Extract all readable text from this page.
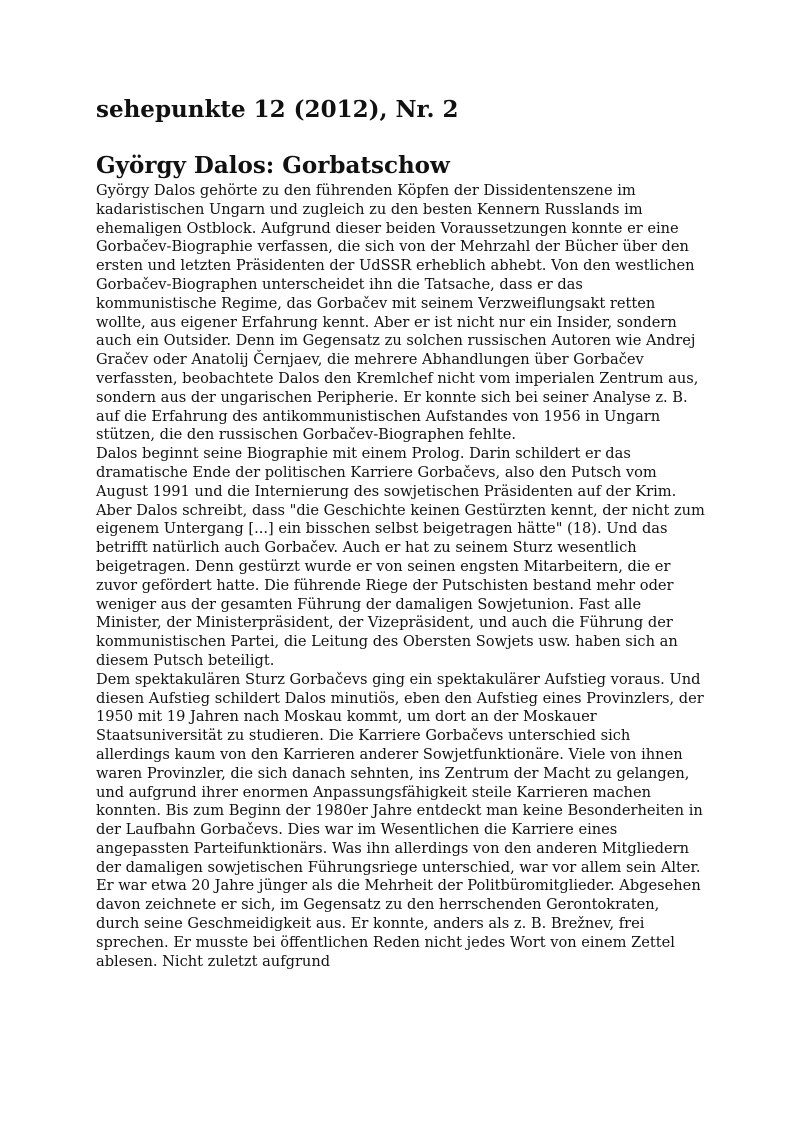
sehepunkte 12 (2012), Nr. 2
György Dalos: Gorbatschow

György Dalos gehörte zu den führenden Köpfen der Dissidentenszene im kadaristischen Ungarn und zugleich zu den besten Kennern Russlands im ehemaligen Ostblock. Aufgrund dieser beiden Voraussetzungen konnte er eine Gorbačev-Biographie verfassen, die sich von der Mehrzahl der Bücher über den ersten und letzten Präsidenten der UdSSR erheblich abhebt. Von den westlichen Gorbačev-Biographen unterscheidet ihn die Tatsache, dass er das kommunistische Regime, das Gorbačev mit seinem Verzweiflungsakt retten wollte, aus eigener Erfahrung kennt. Aber er ist nicht nur ein Insider, sondern auch ein Outsider. Denn im Gegensatz zu solchen russischen Autoren wie Andrej Gračev oder Anatolij Černjaev, die mehrere Abhandlungen über Gorbačev verfassten, beobachtete Dalos den Kremlchef nicht vom imperialen Zentrum aus, sondern aus der ungarischen Peripherie. Er konnte sich bei seiner Analyse z. B. auf die Erfahrung des antikommunistischen Aufstandes von 1956 in Ungarn stützen, die den russischen Gorbačev-Biographen fehlte.

Dalos beginnt seine Biographie mit einem Prolog. Darin schildert er das dramatische Ende der politischen Karriere Gorbačevs, also den Putsch vom August 1991 und die Internierung des sowjetischen Präsidenten auf der Krim. Aber Dalos schreibt, dass "die Geschichte keinen Gestürzten kennt, der nicht zum eigenem Untergang [...] ein bisschen selbst beigetragen hätte" (18). Und das betrifft natürlich auch Gorbačev. Auch er hat zu seinem Sturz wesentlich beigetragen. Denn gestürzt wurde er von seinen engsten Mitarbeitern, die er zuvor gefördert hatte. Die führende Riege der Putschisten bestand mehr oder weniger aus der gesamten Führung der damaligen Sowjetunion. Fast alle Minister, der Ministerpräsident, der Vizepräsident, und auch die Führung der kommunistischen Partei, die Leitung des Obersten Sowjets usw. haben sich an diesem Putsch beteiligt.

Dem spektakulären Sturz Gorbačevs ging ein spektakulärer Aufstieg voraus. Und diesen Aufstieg schildert Dalos minutiös, eben den Aufstieg eines Provinzlers, der 1950 mit 19 Jahren nach Moskau kommt, um dort an der Moskauer Staatsuniversität zu studieren. Die Karriere Gorbačevs unterschied sich allerdings kaum von den Karrieren anderer Sowjetfunktionäre. Viele von ihnen waren Provinzler, die sich danach sehnten, ins Zentrum der Macht zu gelangen, und aufgrund ihrer enormen Anpassungsfähigkeit steile Karrieren machen konnten. Bis zum Beginn der 1980er Jahre entdeckt man keine Besonderheiten in der Laufbahn Gorbačevs. Dies war im Wesentlichen die Karriere eines angepassten Parteifunktionärs. Was ihn allerdings von den anderen Mitgliedern der damaligen sowjetischen Führungsriege unterschied, war vor allem sein Alter. Er war etwa 20 Jahre jünger als die Mehrheit der Politbüromitglieder. Abgesehen davon zeichnete er sich, im Gegensatz zu den herrschenden Gerontokraten, durch seine Geschmeidigkeit aus. Er konnte, anders als z. B. Brežnev, frei sprechen. Er musste bei öffentlichen Reden nicht jedes Wort von einem Zettel ablesen. Nicht zuletzt aufgrund
